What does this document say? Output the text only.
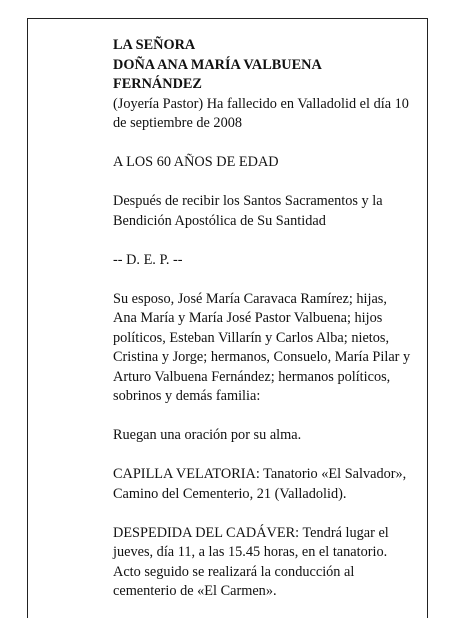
LA SEÑORA

DOÑA ANA MARÍA VALBUENA FERNÁNDEZ

(Joyería Pastor) Ha fallecido en Valladolid el día 10 de septiembre de 2008

A LOS 60 AÑOS DE EDAD

Después de recibir los Santos Sacramentos y la Bendición Apostólica de Su Santidad

-- D. E. P. --

Su esposo, José María Caravaca Ramírez; hijas, Ana María y María José Pastor Valbuena; hijos políticos, Esteban Villarín y Carlos Alba; nietos, Cristina y Jorge; hermanos, Consuelo, María Pilar y Arturo Valbuena Fernández; hermanos políticos, sobrinos y demás familia:

Ruegan una oración por su alma.

CAPILLA VELATORIA: Tanatorio «El Salvador», Camino del Cementerio, 21 (Valladolid).

DESPEDIDA DEL CADÁVER: Tendrá lugar el jueves, día 11, a las 15.45 horas, en el tanatorio. Acto seguido se realizará la conducción al cementerio de «El Carmen».
